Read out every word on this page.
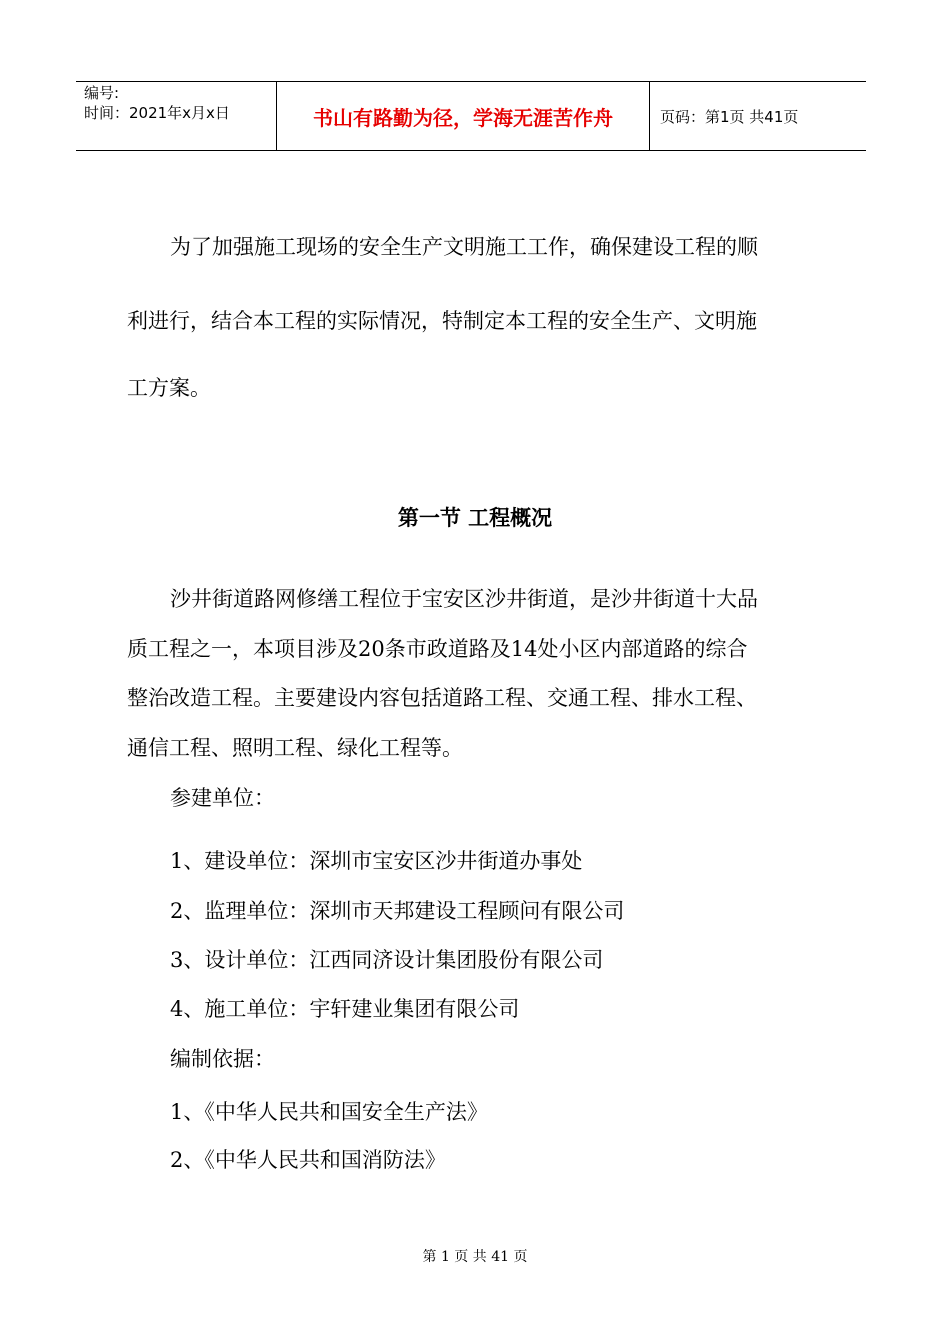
编号:
时间：2021年x月x日	书山有路勤为径，学海无涯苦作舟	页码：第1页 共41页
为了加强施工现场的安全生产文明施工工作，确保建设工程的顺
利进行，结合本工程的实际情况，特制定本工程的安全生产、文明施
工方案。
第一节 工程概况
沙井街道路网修缮工程位于宝安区沙井街道，是沙井街道十大品
质工程之一，本项目涉及20条市政道路及14处小区内部道路的综合
整治改造工程。主要建设内容包括道路工程、交通工程、排水工程、
通信工程、照明工程、绿化工程等。
参建单位：
1、建设单位：深圳市宝安区沙井街道办事处
2、监理单位：深圳市天邦建设工程顾问有限公司
3、设计单位：江西同济设计集团股份有限公司
4、施工单位：宇轩建业集团有限公司
编制依据：
1、《中华人民共和国安全生产法》
2、《中华人民共和国消防法》
第 1 页 共 41 页
